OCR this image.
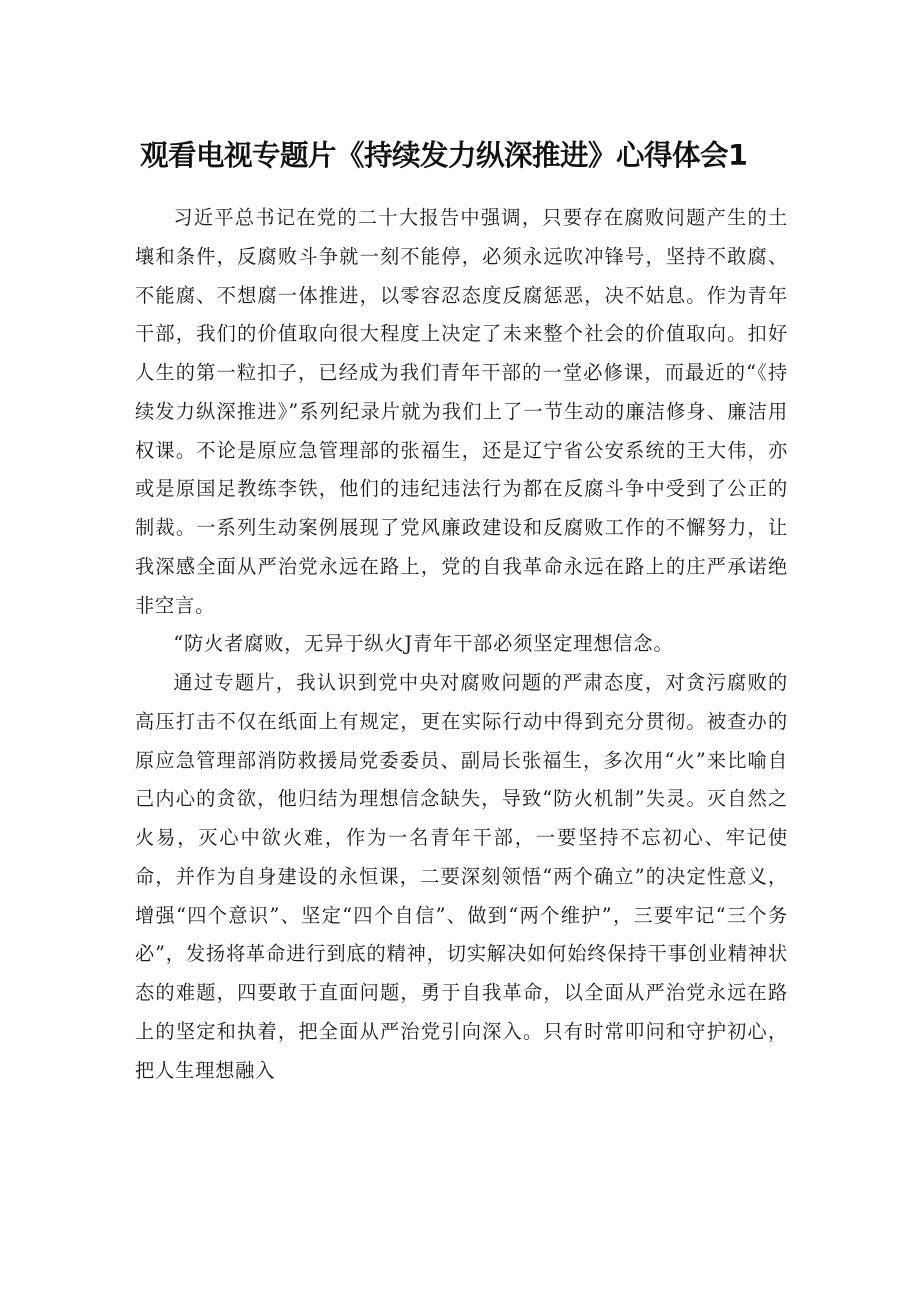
观看电视专题片《持续发力纵深推进》心得体会1

习近平总书记在党的二十大报告中强调，只要存在腐败问题产生的土壤和条件，反腐败斗争就一刻不能停，必须永远吹冲锋号，坚持不敢腐、不能腐、不想腐一体推进，以零容忍态度反腐惩恶，决不姑息。作为青年干部，我们的价值取向很大程度上决定了未来整个社会的价值取向。扣好人生的第一粒扣子，已经成为我们青年干部的一堂必修课，而最近的“《持续发力纵深推进》”系列纪录片就为我们上了一节生动的廉洁修身、廉洁用权课。不论是原应急管理部的张福生，还是辽宁省公安系统的王大伟，亦或是原国足教练李铁，他们的违纪违法行为都在反腐斗争中受到了公正的制裁。一系列生动案例展现了党风廉政建设和反腐败工作的不懈努力，让我深感全面从严治党永远在路上，党的自我革命永远在路上的庄严承诺绝非空言。

“防火者腐败，无异于纵火J青年干部必须坚定理想信念。

通过专题片，我认识到党中央对腐败问题的严肃态度，对贪污腐败的高压打击不仅在纸面上有规定，更在实际行动中得到充分贯彻。被查办的原应急管理部消防救援局党委委员、副局长张福生，多次用“火”来比喻自己内心的贪欲，他归结为理想信念缺失，导致“防火机制”失灵。灭自然之火易，灭心中欲火难，作为一名青年干部，一要坚持不忘初心、牢记使命，并作为自身建设的永恒课，二要深刻领悟“两个确立”的决定性意义，增强“四个意识”、坚定“四个自信”、做到“两个维护”，三要牢记“三个务必”，发扬将革命进行到底的精神，切实解决如何始终保持干事创业精神状态的难题，四要敢于直面问题，勇于自我革命，以全面从严治党永远在路上的坚定和执着，把全面从严治党引向深入。只有时常叩问和守护初心，把人生理想融入
